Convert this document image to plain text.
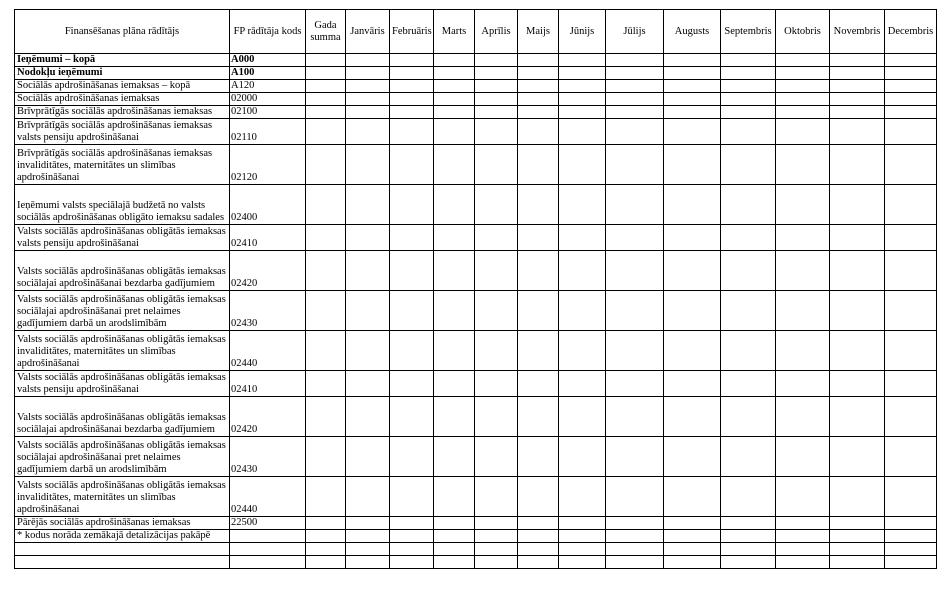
Finansēšanas plāna rādītājs	FP rādītāja kods	Gada summa	Janvāris	Februāris	Marts	Aprīlis	Maijs	Jūnijs	Jūlijs	Augusts	Septembris	Oktobris	Novembris	Decembris
Ieņēmumi – kopā	A000													
Nodokļu ieņēmumi	A100													
Sociālās apdrošināšanas iemaksas – kopā	A120													
Sociālās apdrošināšanas iemaksas	02000													
Brīvprātīgās sociālās apdrošināšanas iemaksas	02100													
Brīvprātīgās sociālās apdrošināšanas iemaksas valsts pensiju apdrošināšanai	02110													
Brīvprātīgās sociālās apdrošināšanas iemaksas invaliditātes, maternitātes un slimības apdrošināšanai	02120													
Ieņēmumi valsts speciālajā budžetā no valsts sociālās apdrošināšanas obligāto iemaksu sadales	02400													
Valsts sociālās apdrošināšanas obligātās iemaksas valsts pensiju apdrošināšanai	02410													
Valsts sociālās apdrošināšanas obligātās iemaksas sociālajai apdrošināšanai bezdarba gadījumiem	02420													
Valsts sociālās apdrošināšanas obligātās iemaksas sociālajai apdrošināšanai pret nelaimes gadījumiem darbā un arodslimībām	02430													
Valsts sociālās apdrošināšanas obligātās iemaksas invaliditātes, maternitātes un slimības apdrošināšanai	02440													
Valsts sociālās apdrošināšanas obligātās iemaksas valsts pensiju apdrošināšanai	02410													
Valsts sociālās apdrošināšanas obligātās iemaksas sociālajai apdrošināšanai bezdarba gadījumiem	02420													
Valsts sociālās apdrošināšanas obligātās iemaksas sociālajai apdrošināšanai pret nelaimes gadījumiem darbā un arodslimībām	02430													
Valsts sociālās apdrošināšanas obligātās iemaksas invaliditātes, maternitātes un slimības apdrošināšanai	02440													
Pārējās sociālās apdrošināšanas iemaksas	22500													
* kodus norāda zemākajā detalizācijas pakāpē														
